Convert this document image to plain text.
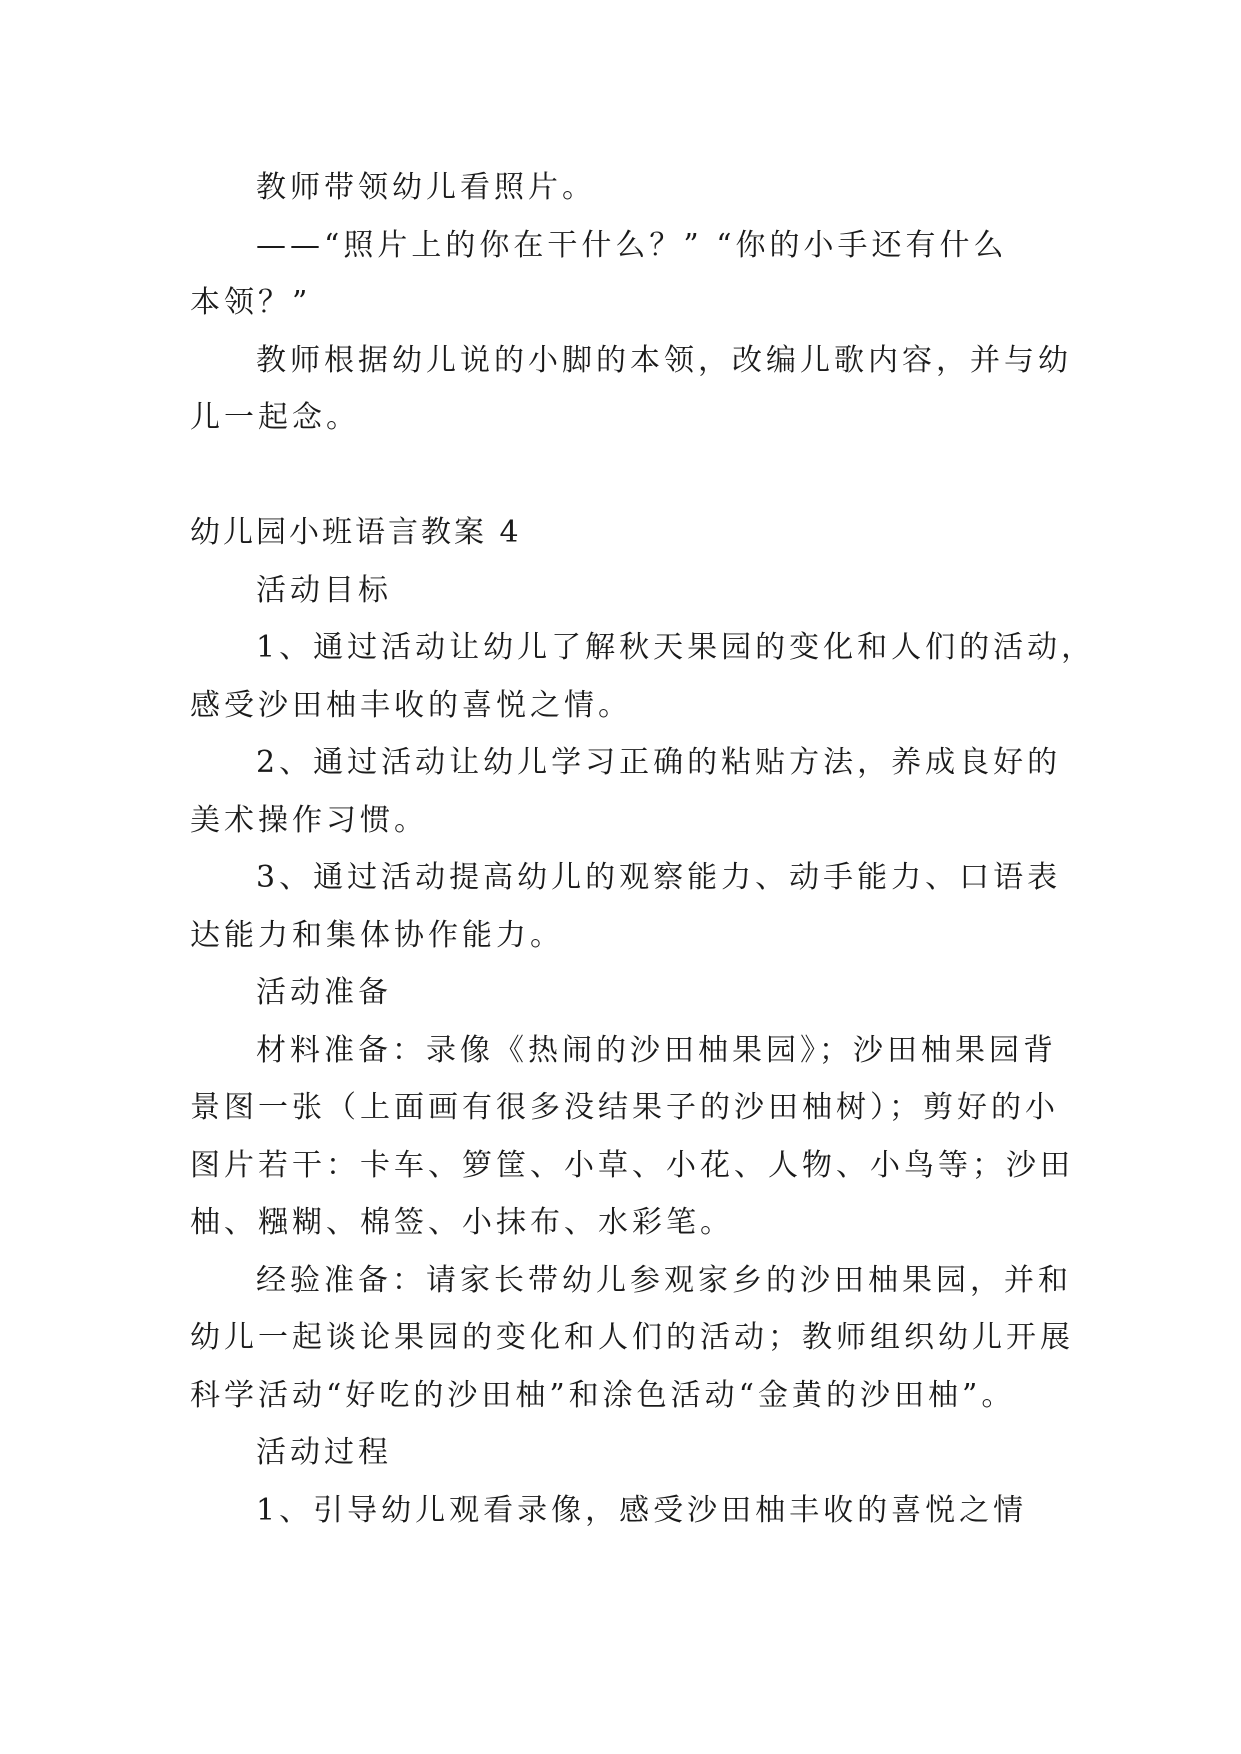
教师带领幼儿看照片。
——“照片上的你在干什么？” “你的小手还有什么
本领？”
教师根据幼儿说的小脚的本领，改编儿歌内容，并与幼
儿一起念。
幼儿园小班语言教案 4
活动目标
1、通过活动让幼儿了解秋天果园的变化和人们的活动，
感受沙田柚丰收的喜悦之情。
2、通过活动让幼儿学习正确的粘贴方法，养成良好的
美术操作习惯。
3、通过活动提高幼儿的观察能力、动手能力、口语表
达能力和集体协作能力。
活动准备
材料准备：录像《热闹的沙田柚果园》；沙田柚果园背
景图一张（上面画有很多没结果子的沙田柚树）；剪好的小
图片若干：卡车、箩筐、小草、小花、人物、小鸟等；沙田
柚、糨糊、棉签、小抹布、水彩笔。
经验准备：请家长带幼儿参观家乡的沙田柚果园，并和
幼儿一起谈论果园的变化和人们的活动；教师组织幼儿开展
科学活动“好吃的沙田柚”和涂色活动“金黄的沙田柚”。
活动过程
1、引导幼儿观看录像，感受沙田柚丰收的喜悦之情
